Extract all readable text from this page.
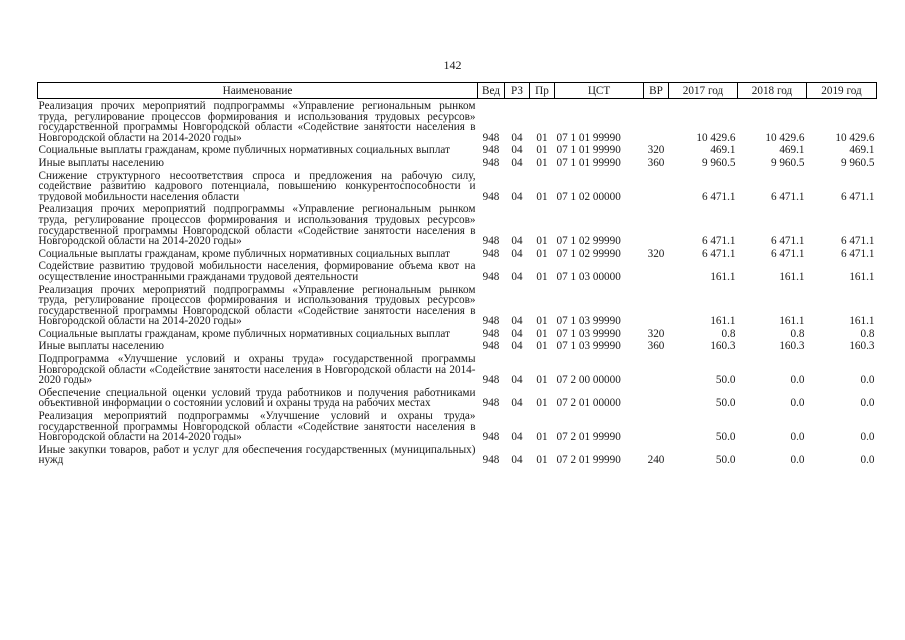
142
Наименование	Вед	РЗ	Пр	ЦСТ	ВР	2017 год	2018 год	2019 год
Реализация прочих мероприятий подпрограммы «Управление региональным рынком труда, регулирование процессов формирования и использования трудовых ресурсов» государственной программы Новгородской области «Содействие занятости населения в Новгородской области на 2014-2020 годы»	948	04	01	07 1 01 99990		10 429.6	10 429.6	10 429.6
Социальные выплаты гражданам, кроме публичных нормативных социальных выплат	948	04	01	07 1 01 99990	320	469.1	469.1	469.1
Иные выплаты населению	948	04	01	07 1 01 99990	360	9 960.5	9 960.5	9 960.5
Снижение структурного несоответствия спроса и предложения на рабочую силу, содействие развитию кадрового потенциала, повышению конкурентоспособности и трудовой мобильности населения области	948	04	01	07 1 02 00000		6 471.1	6 471.1	6 471.1
Реализация прочих мероприятий подпрограммы «Управление региональным рынком труда, регулирование процессов формирования и использования трудовых ресурсов» государственной программы Новгородской области «Содействие занятости населения в Новгородской области на 2014-2020 годы»	948	04	01	07 1 02 99990		6 471.1	6 471.1	6 471.1
Социальные выплаты гражданам, кроме публичных нормативных социальных выплат	948	04	01	07 1 02 99990	320	6 471.1	6 471.1	6 471.1
Содействие развитию трудовой мобильности населения, формирование объема квот на осуществление иностранными гражданами трудовой деятельности	948	04	01	07 1 03 00000		161.1	161.1	161.1
Реализация прочих мероприятий подпрограммы «Управление региональным рынком труда, регулирование процессов формирования и использования трудовых ресурсов» государственной программы Новгородской области «Содействие занятости населения в Новгородской области на 2014-2020 годы»	948	04	01	07 1 03 99990		161.1	161.1	161.1
Социальные выплаты гражданам, кроме публичных нормативных социальных выплат	948	04	01	07 1 03 99990	320	0.8	0.8	0.8
Иные выплаты населению	948	04	01	07 1 03 99990	360	160.3	160.3	160.3
Подпрограмма «Улучшение условий и охраны труда» государственной программы Новгородской области «Содействие занятости населения в Новгородской области на 2014-2020 годы»	948	04	01	07 2 00 00000		50.0	0.0	0.0
Обеспечение специальной оценки условий труда работников и получения работниками объективной информации о состоянии условий и охраны труда на рабочих местах	948	04	01	07 2 01 00000		50.0	0.0	0.0
Реализация мероприятий подпрограммы «Улучшение условий и охраны труда» государственной программы Новгородской области «Содействие занятости населения в Новгородской области на 2014-2020 годы»	948	04	01	07 2 01 99990		50.0	0.0	0.0
Иные закупки товаров, работ и услуг для обеспечения государственных (муниципальных) нужд	948	04	01	07 2 01 99990	240	50.0	0.0	0.0
